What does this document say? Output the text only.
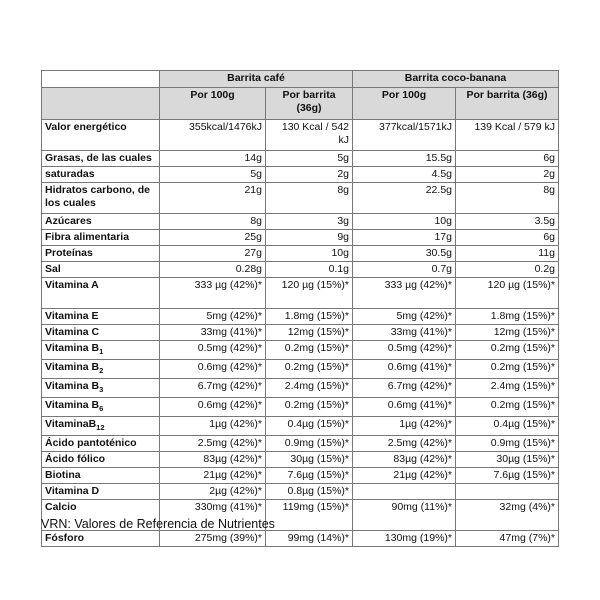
	Barrita café		Barrita coco-banana	
	Por 100g	Por barrita (36g)	Por 100g	Por barrita (36g)
Valor energético	355kcal/1476kJ	130 Kcal / 542 kJ	377kcal/1571kJ	139 Kcal / 579 kJ
Grasas, de las cuales	14g	5g	15.5g	6g
saturadas	5g	2g	4.5g	2g
Hidratos carbono, de los cuales	21g	8g	22.5g	8g
Azúcares	8g	3g	10g	3.5g
Fibra alimentaria	25g	9g	17g	6g
Proteínas	27g	10g	30.5g	11g
Sal	0.28g	0.1g	0.7g	0.2g
Vitamina A	333 µg (42%)*	120 µg (15%)*	333 µg (42%)*	120 µg (15%)*
Vitamina E	5mg (42%)*	1.8mg (15%)*	5mg (42%)*	1.8mg (15%)*
Vitamina C	33mg (41%)*	12mg (15%)*	33mg (41%)*	12mg (15%)*
Vitamina $B_1$	0.5mg (42%)*	0.2mg (15%)*	0.5mg (42%)*	0.2mg (15%)*
Vitamina $B_2$	0.6mg (42%)*	0.2mg (15%)*	0.6mg (41%)*	0.2mg (15%)*
Vitamina $B_3$	6.7mg (42%)*	2.4mg (15%)*	6.7mg (42%)*	2.4mg (15%)*
Vitamina $B_6$	0.6mg (42%)*	0.2mg (15%)*	0.6mg (41%)*	0.2mg (15%)*
VitaminaB$_{12}$	1µg (42%)*	0.4µg (15%)*	1µg (42%)*	0.4µg (15%)*
Ácido pantoténico	2.5mg (42%)*	0.9mg (15%)*	2.5mg (42%)*	0.9mg (15%)*
Ácido fólico	83µg (42%)*	30µg (15%)*	83µg (42%)*	30µg (15%)*
Biotina	21µg (42%)*	7.6µg (15%)*	21µg (42%)*	7.6µg (15%)*
Vitamina D	2µg (42%)*	0.8µg (15%)*		
Calcio	330mg (41%)*	119mg (15%)*	90mg (11%)*	32mg (4%)*
Fósforo	275mg (39%)*	99mg (14%)*	130mg (19%)*	47mg (7%)*
VRN: Valores de Referencia de Nutrientes
